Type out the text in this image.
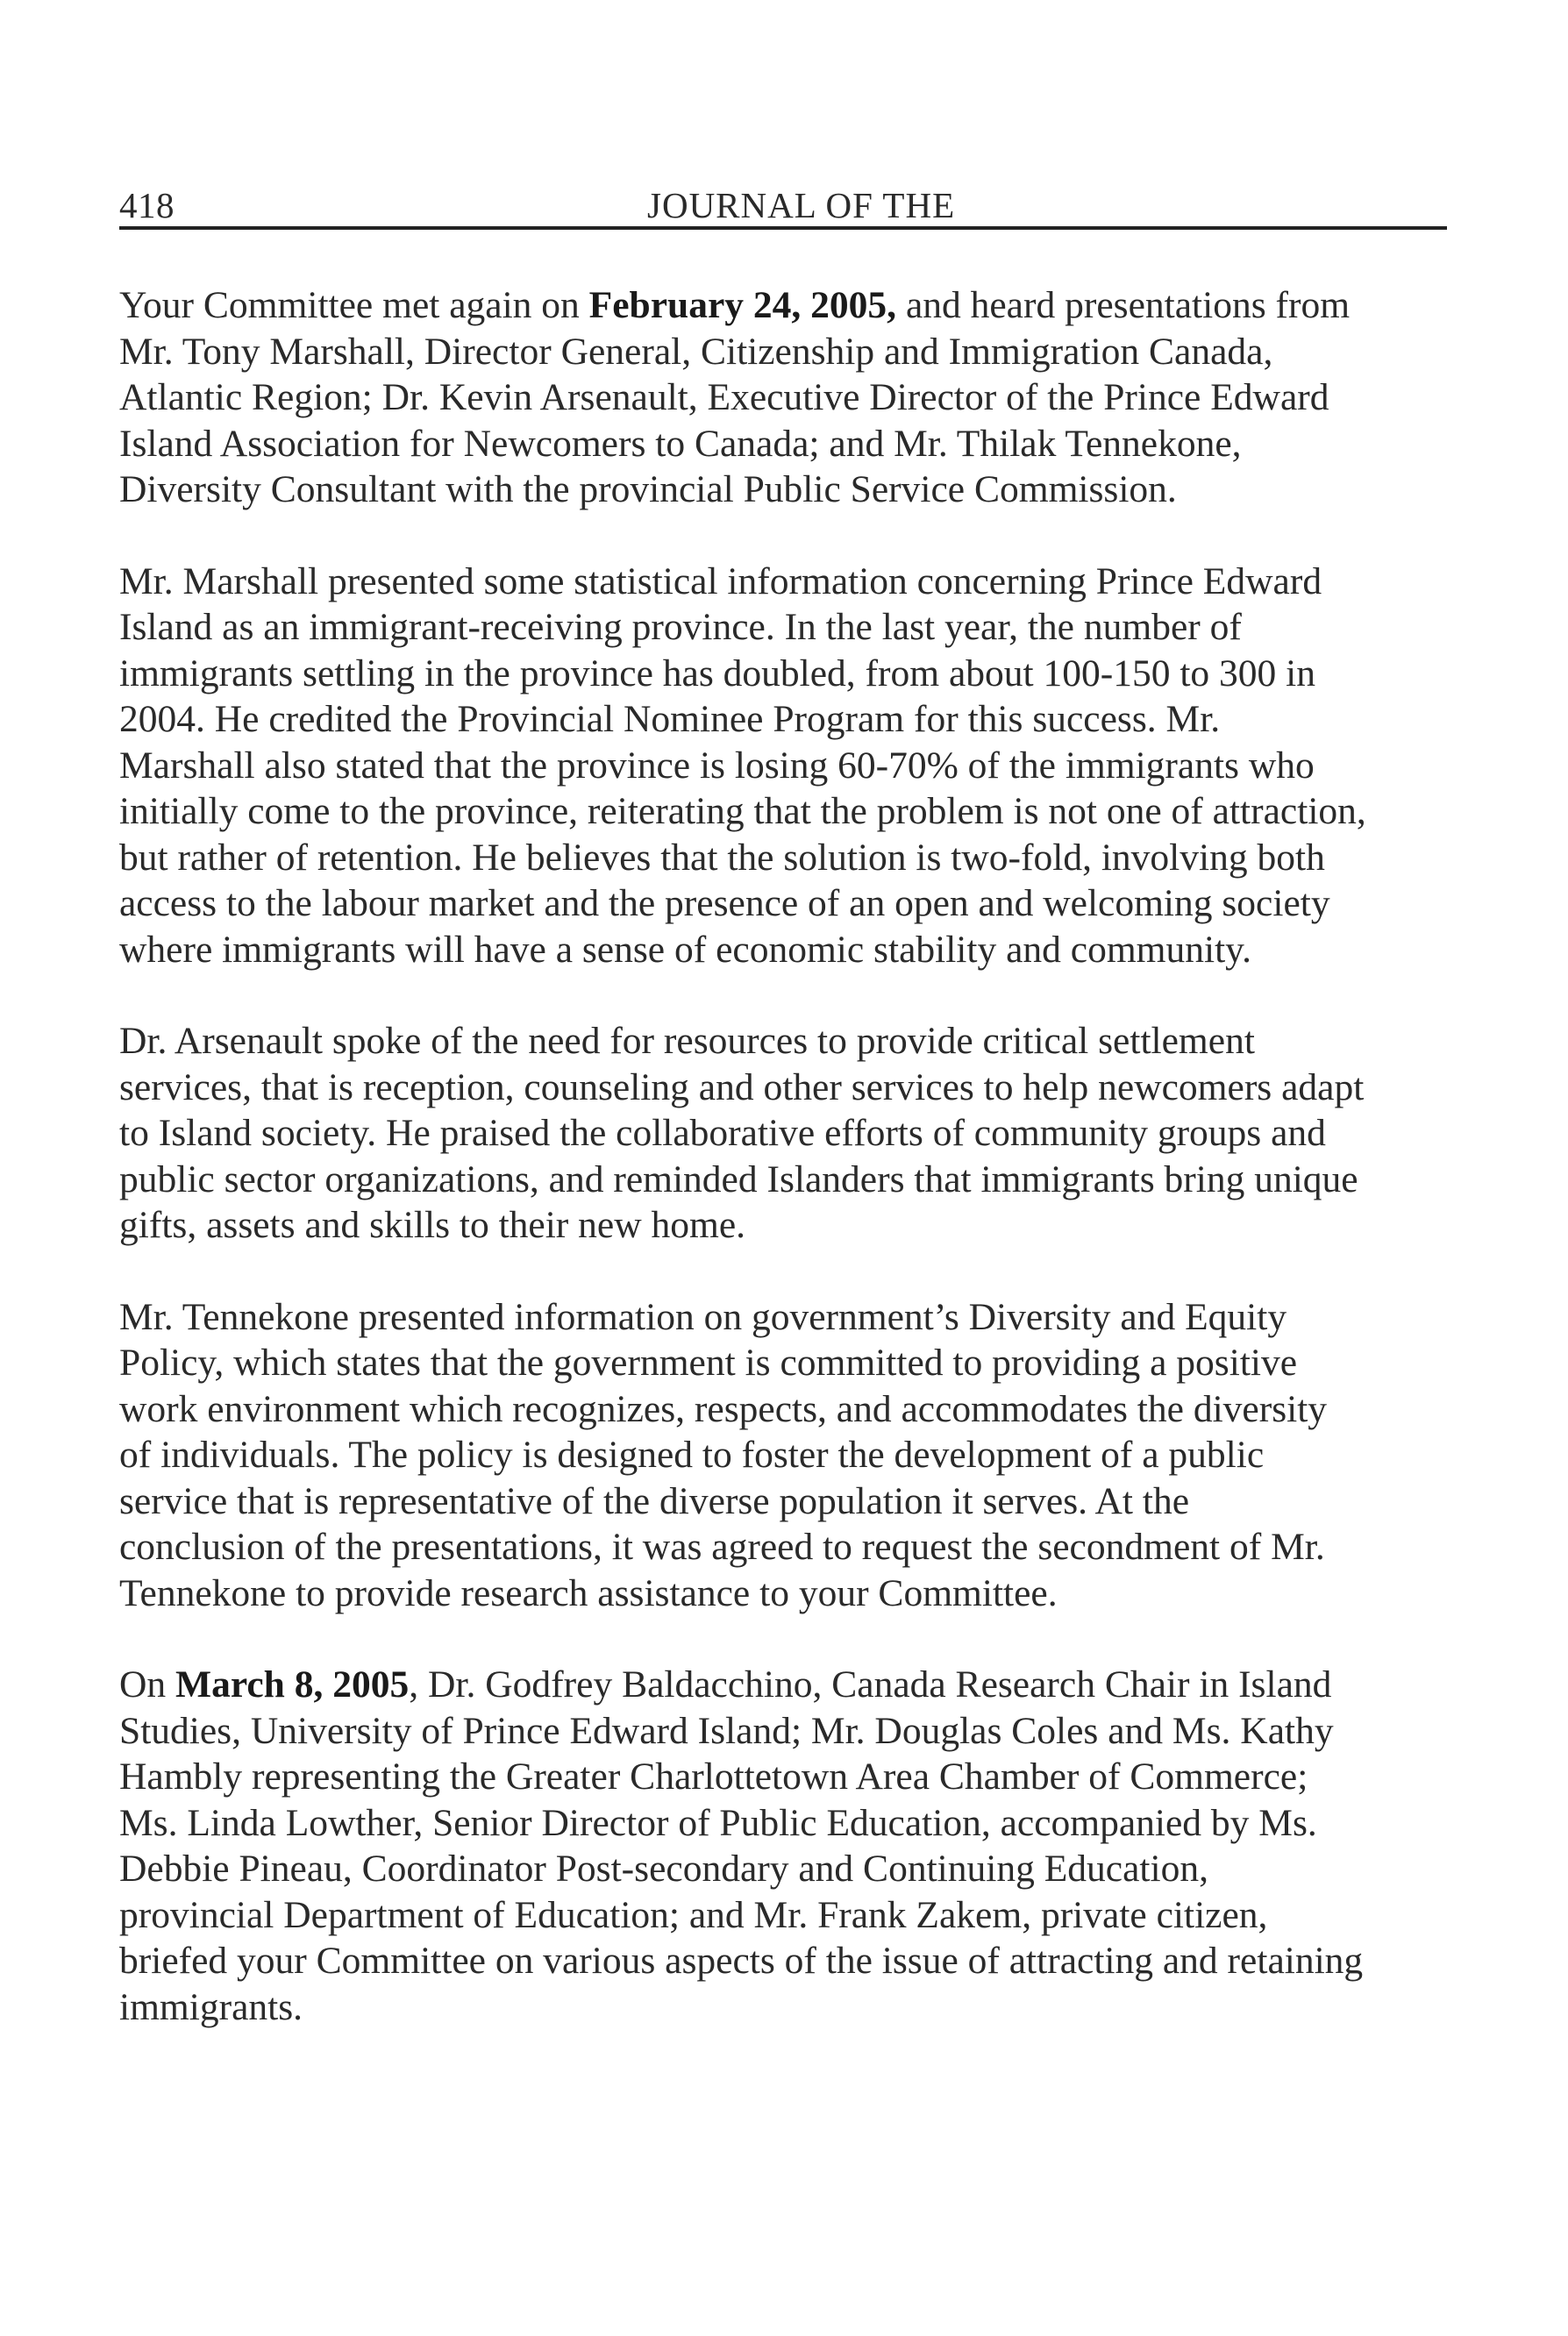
418	JOURNAL OF THE

Your Committee met again on February 24, 2005, and heard presentations from
Mr. Tony Marshall, Director General, Citizenship and Immigration Canada,
Atlantic Region; Dr. Kevin Arsenault, Executive Director of the Prince Edward
Island Association for Newcomers to Canada; and Mr. Thilak Tennekone,
Diversity Consultant with the provincial Public Service Commission.

Mr. Marshall presented some statistical information concerning Prince Edward
Island as an immigrant-receiving province. In the last year, the number of
immigrants settling in the province has doubled, from about 100-150 to 300 in
2004. He credited the Provincial Nominee Program for this success. Mr.
Marshall also stated that the province is losing 60-70% of the immigrants who
initially come to the province, reiterating that the problem is not one of attraction,
but rather of retention. He believes that the solution is two-fold, involving both
access to the labour market and the presence of an open and welcoming society
where immigrants will have a sense of economic stability and community.

Dr. Arsenault spoke of the need for resources to provide critical settlement
services, that is reception, counseling and other services to help newcomers adapt
to Island society. He praised the collaborative efforts of community groups and
public sector organizations, and reminded Islanders that immigrants bring unique
gifts, assets and skills to their new home.

Mr. Tennekone presented information on government’s Diversity and Equity
Policy, which states that the government is committed to providing a positive
work environment which recognizes, respects, and accommodates the diversity
of individuals. The policy is designed to foster the development of a public
service that is representative of the diverse population it serves. At the
conclusion of the presentations, it was agreed to request the secondment of Mr.
Tennekone to provide research assistance to your Committee.

On March 8, 2005, Dr. Godfrey Baldacchino, Canada Research Chair in Island
Studies, University of Prince Edward Island; Mr. Douglas Coles and Ms. Kathy
Hambly representing the Greater Charlottetown Area Chamber of Commerce;
Ms. Linda Lowther, Senior Director of Public Education, accompanied by Ms.
Debbie Pineau, Coordinator Post-secondary and Continuing Education,
provincial Department of Education; and Mr. Frank Zakem, private citizen,
briefed your Committee on various aspects of the issue of attracting and retaining
immigrants.
